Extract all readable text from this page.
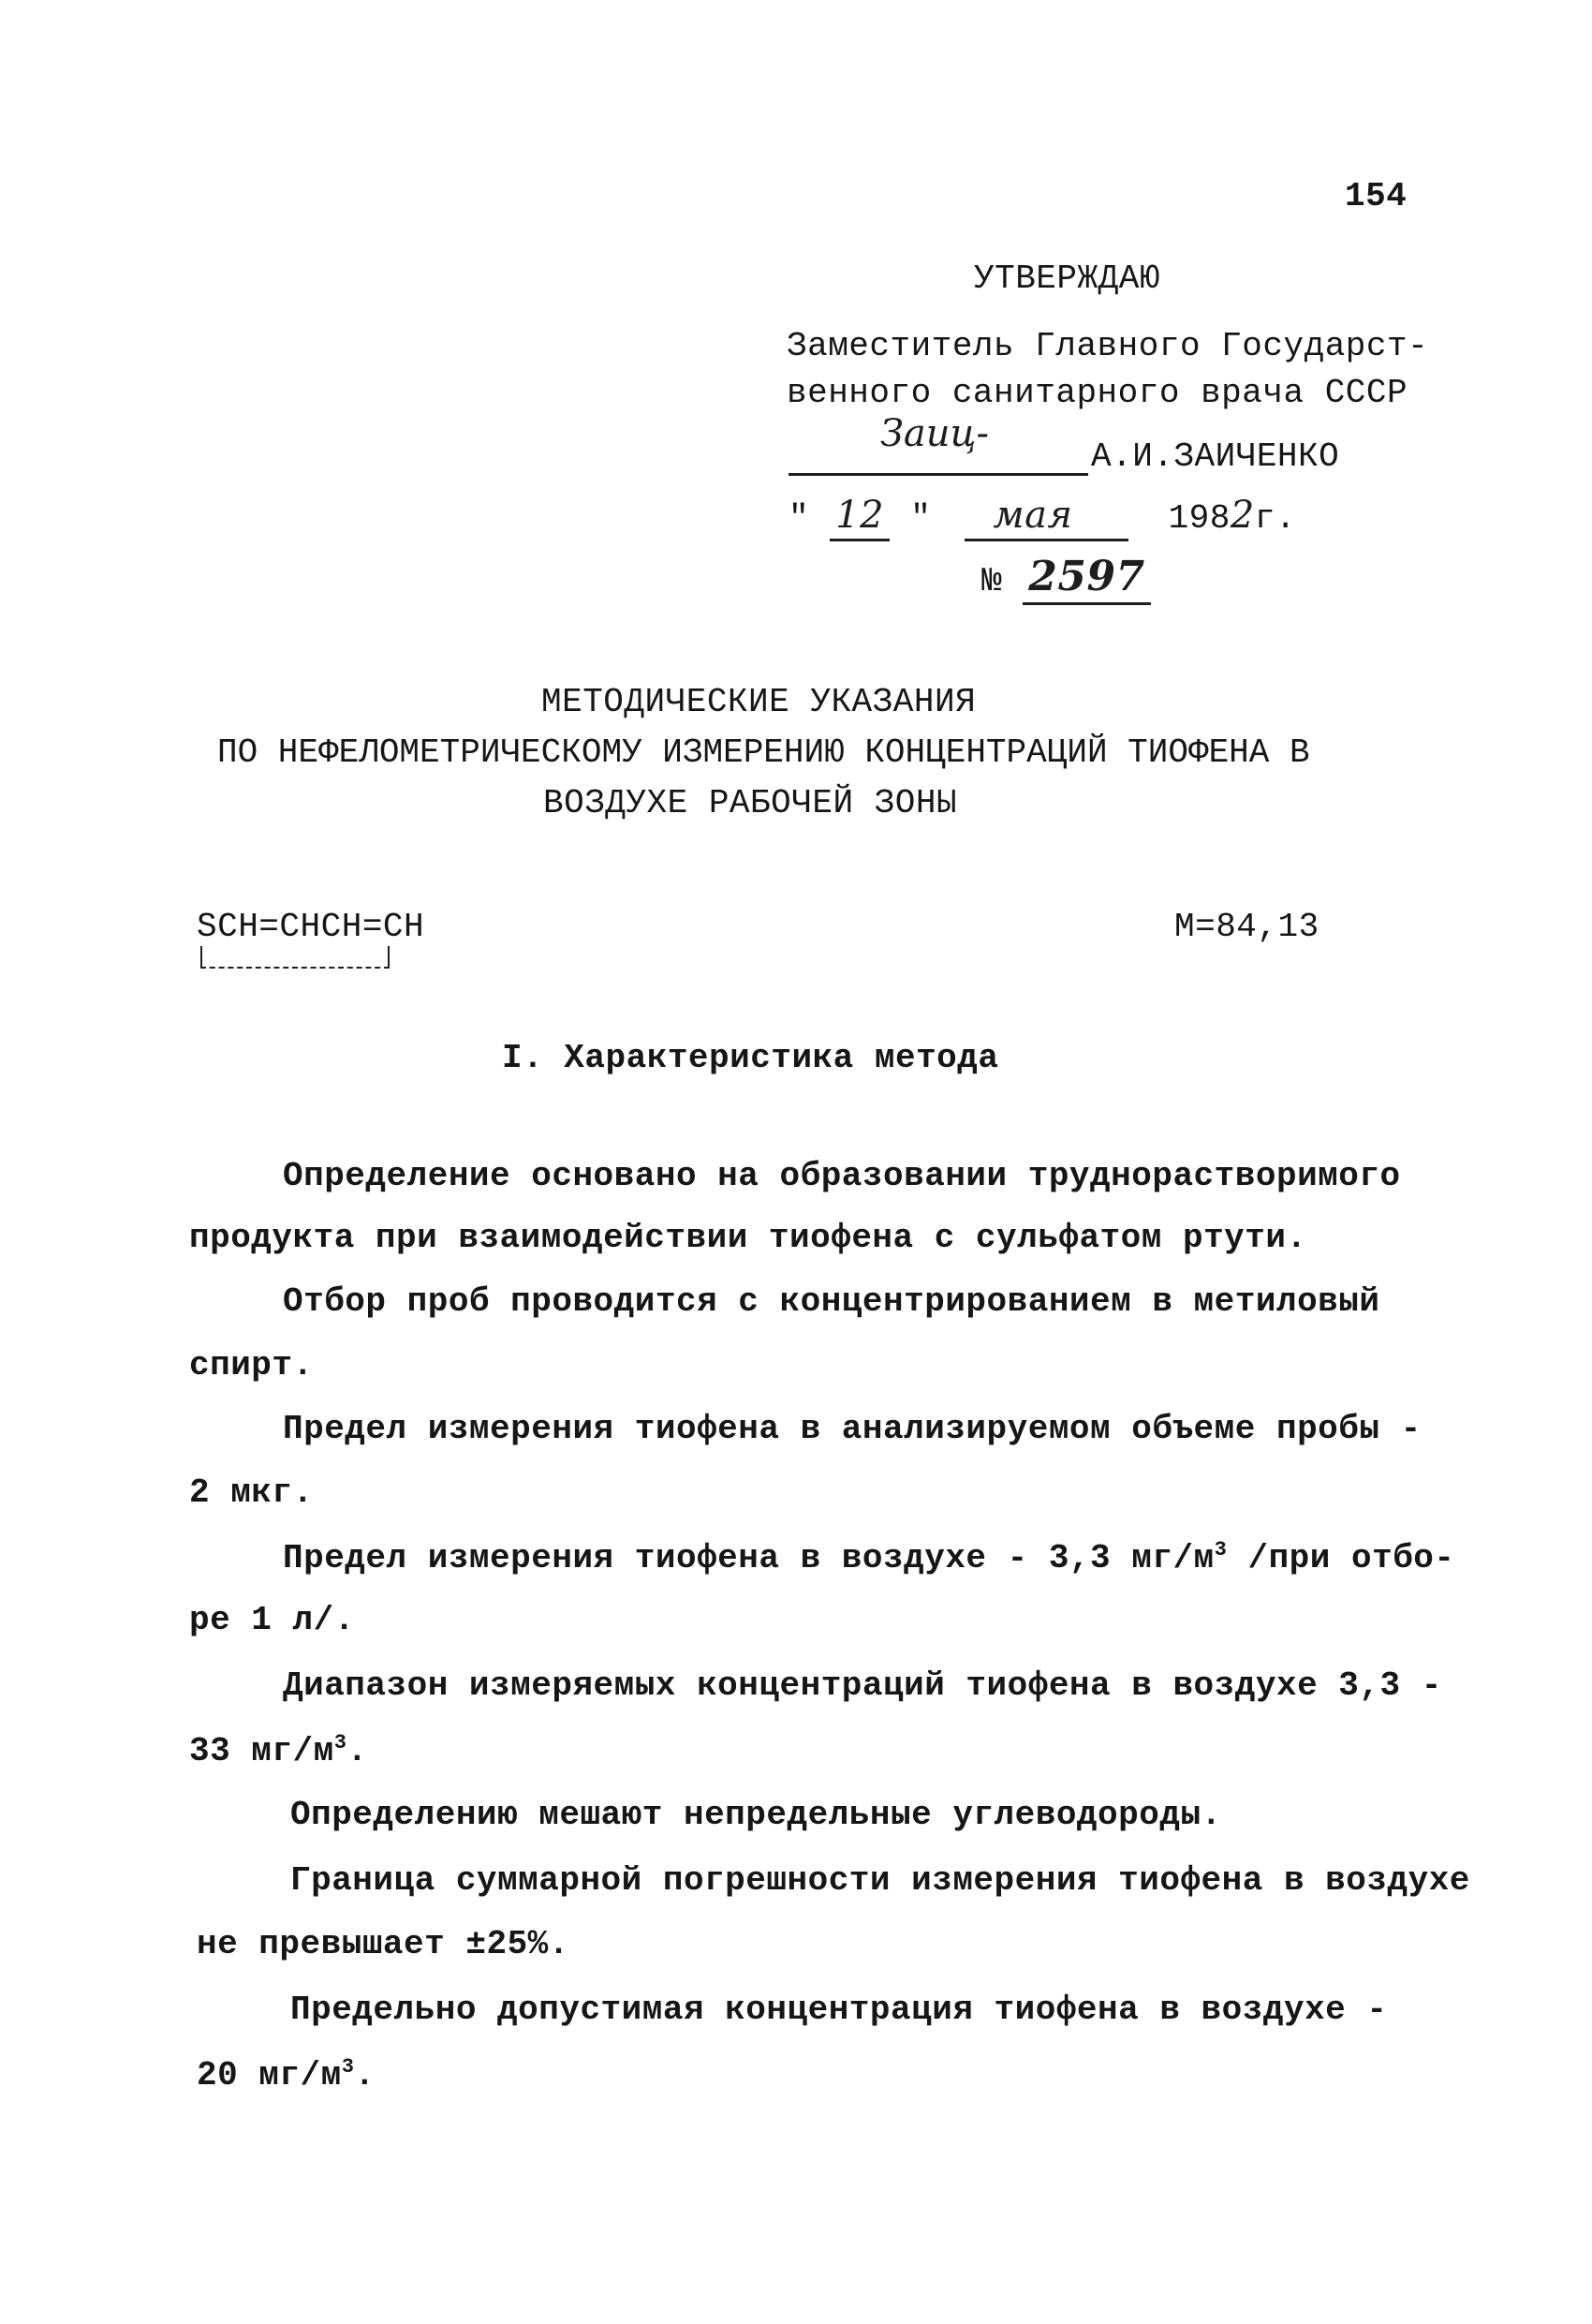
154
УТВЕРЖДАЮ
Заместитель Главного Государст-
венного санитарного врача СССР
Заиц-
А.И.ЗАИЧЕНКО
" 12 " мая	1982г.
№ 2597
МЕТОДИЧЕСКИЕ УКАЗАНИЯ
ПО НЕФЕЛОМЕТРИЧЕСКОМУ ИЗМЕРЕНИЮ КОНЦЕНТРАЦИЙ ТИОФЕНА В
ВОЗДУХЕ РАБОЧЕЙ ЗОНЫ
SCH=CHCH=CH	М=84,13
I. Характеристика метода
Определение основано на образовании труднорастворимого
продукта при взаимодействии тиофена с сульфатом ртути.
Отбор проб проводится с концентрированием в метиловый
спирт.
Предел измерения тиофена в анализируемом объеме пробы -
2 мкг.
Предел измерения тиофена в воздухе - 3,3 $мг/м^3$ /при отбо-
ре 1 л/.
Диапазон измеряемых концентраций тиофена в воздухе 3,3 -
33 $мг/м^3$.
Определению мешают непредельные углеводороды.
Граница суммарной погрешности измерения тиофена в воздухе
не превышает ±25%.
Предельно допустимая концентрация тиофена в воздухе -
20 $мг/м^3$.
